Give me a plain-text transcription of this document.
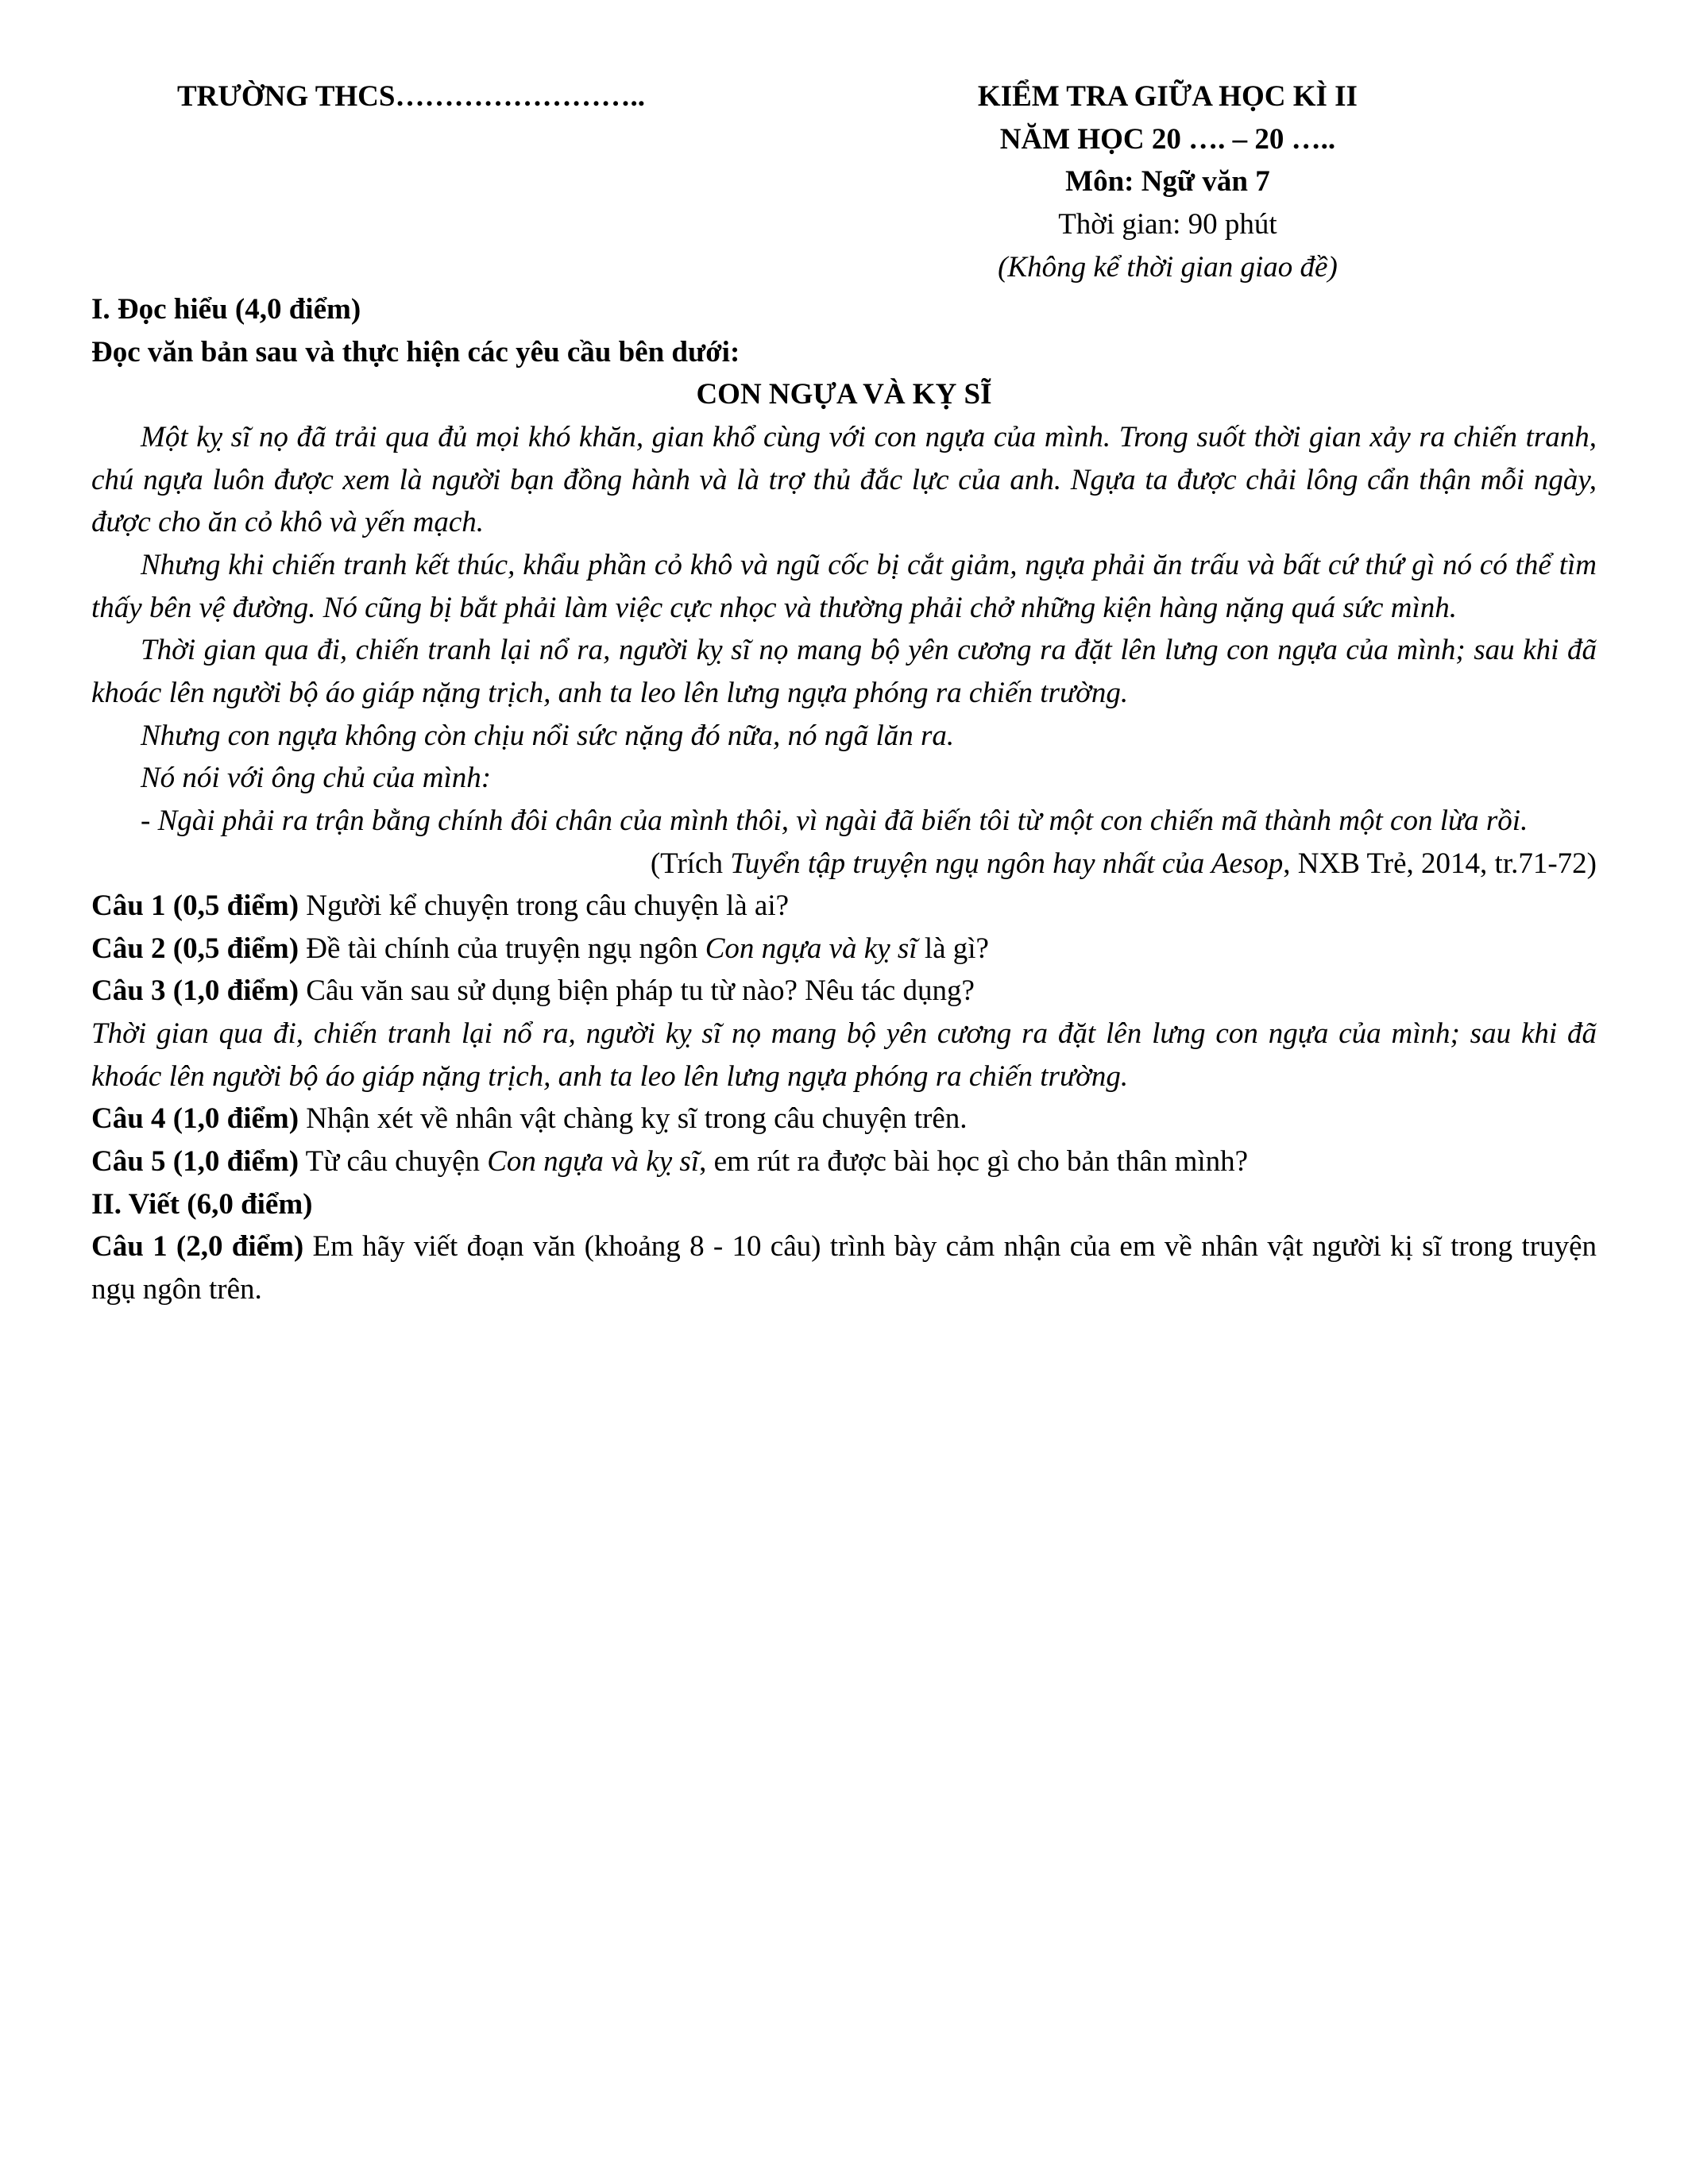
TRƯỜNG THCS……………………..	KIỂM TRA GIỮA HỌC KÌ II
NĂM HỌC 20 …. – 20 …..
Môn: Ngữ văn 7
Thời gian: 90 phút
(Không kể thời gian giao đề)

I. Đọc hiểu (4,0 điểm)

Đọc văn bản sau và thực hiện các yêu cầu bên dưới:

CON NGỰA VÀ KỴ SĨ

Một kỵ sĩ nọ đã trải qua đủ mọi khó khăn, gian khổ cùng với con ngựa của mình. Trong suốt thời gian xảy ra chiến tranh, chú ngựa luôn được xem là người bạn đồng hành và là trợ thủ đắc lực của anh. Ngựa ta được chải lông cẩn thận mỗi ngày, được cho ăn cỏ khô và yến mạch.

Nhưng khi chiến tranh kết thúc, khẩu phần cỏ khô và ngũ cốc bị cắt giảm, ngựa phải ăn trấu và bất cứ thứ gì nó có thể tìm thấy bên vệ đường. Nó cũng bị bắt phải làm việc cực nhọc và thường phải chở những kiện hàng nặng quá sức mình.

Thời gian qua đi, chiến tranh lại nổ ra, người kỵ sĩ nọ mang bộ yên cương ra đặt lên lưng con ngựa của mình; sau khi đã khoác lên người bộ áo giáp nặng trịch, anh ta leo lên lưng ngựa phóng ra chiến trường.

Nhưng con ngựa không còn chịu nổi sức nặng đó nữa, nó ngã lăn ra.

Nó nói với ông chủ của mình:

- Ngài phải ra trận bằng chính đôi chân của mình thôi, vì ngài đã biến tôi từ một con chiến mã thành một con lừa rồi.

(Trích Tuyển tập truyện ngụ ngôn hay nhất của Aesop, NXB Trẻ, 2014, tr.71-72)

Câu 1 (0,5 điểm) Người kể chuyện trong câu chuyện là ai?

Câu 2 (0,5 điểm) Đề tài chính của truyện ngụ ngôn Con ngựa và kỵ sĩ là gì?

Câu 3 (1,0 điểm) Câu văn sau sử dụng biện pháp tu từ nào? Nêu tác dụng?

Thời gian qua đi, chiến tranh lại nổ ra, người kỵ sĩ nọ mang bộ yên cương ra đặt lên lưng con ngựa của mình; sau khi đã khoác lên người bộ áo giáp nặng trịch, anh ta leo lên lưng ngựa phóng ra chiến trường.

Câu 4 (1,0 điểm) Nhận xét về nhân vật chàng kỵ sĩ trong câu chuyện trên.

Câu 5 (1,0 điểm) Từ câu chuyện Con ngựa và kỵ sĩ, em rút ra được bài học gì cho bản thân mình?

II. Viết (6,0 điểm)

Câu 1 (2,0 điểm) Em hãy viết đoạn văn (khoảng 8 - 10 câu) trình bày cảm nhận của em về nhân vật người kị sĩ trong truyện ngụ ngôn trên.
